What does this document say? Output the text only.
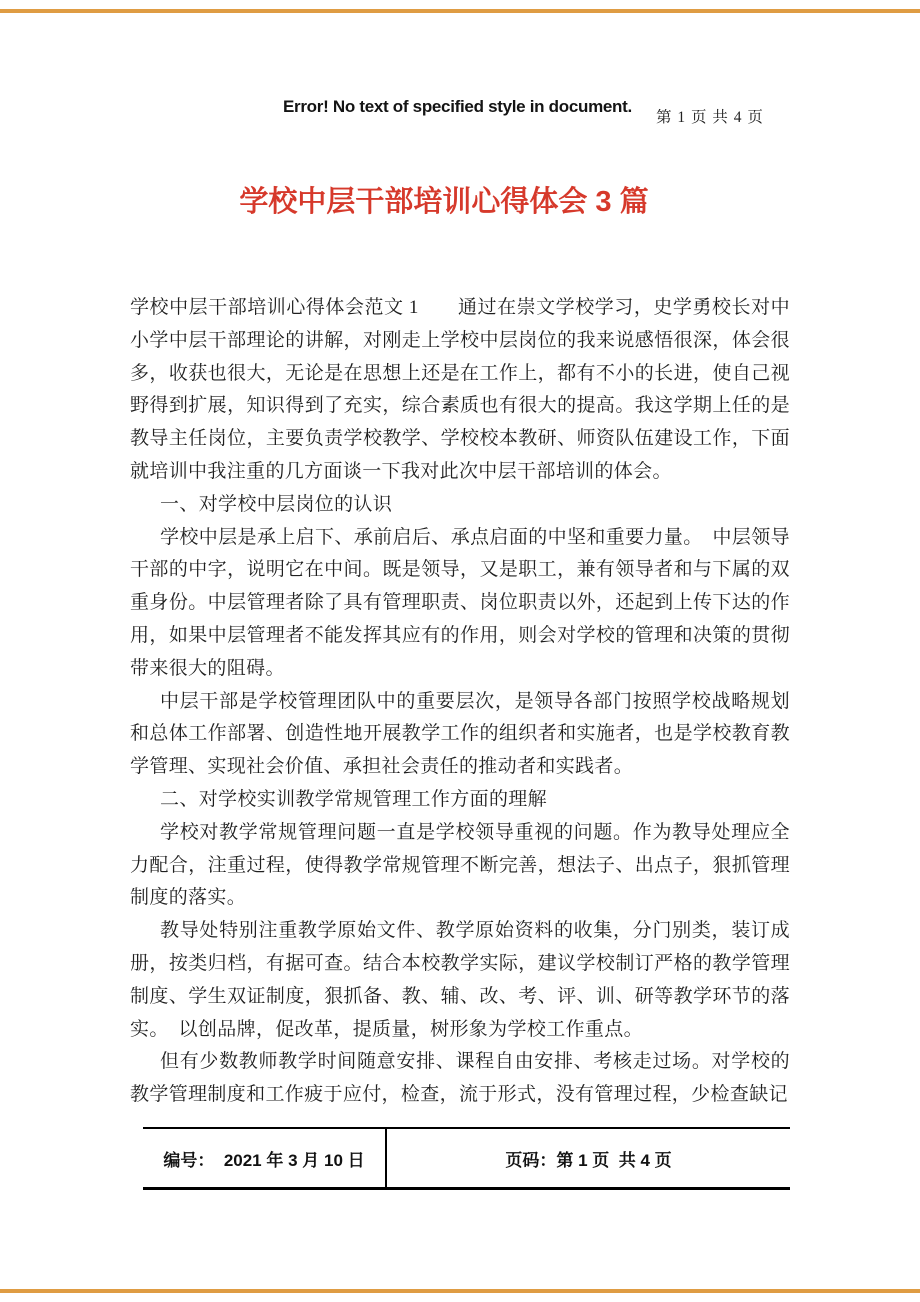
Error! No text of specified style in document.
第 1 页 共 4 页
学校中层干部培训心得体会 3 篇

学校中层干部培训心得体会范文 1　　通过在崇文学校学习，史学勇校长对中小学中层干部理论的讲解，对刚走上学校中层岗位的我来说感悟很深，体会很多，收获也很大，无论是在思想上还是在工作上，都有不小的长进，使自己视野得到扩展，知识得到了充实，综合素质也有很大的提高。我这学期上任的是教导主任岗位，主要负责学校教学、学校校本教研、师资队伍建设工作，下面就培训中我注重的几方面谈一下我对此次中层干部培训的体会。

一、对学校中层岗位的认识

学校中层是承上启下、承前启后、承点启面的中坚和重要力量。　中层领导干部的中字，说明它在中间。既是领导，又是职工，兼有领导者和与下属的双重身份。中层管理者除了具有管理职责、岗位职责以外，还起到上传下达的作用，如果中层管理者不能发挥其应有的作用，则会对学校的管理和决策的贯彻带来很大的阻碍。

中层干部是学校管理团队中的重要层次，是领导各部门按照学校战略规划和总体工作部署、创造性地开展教学工作的组织者和实施者，也是学校教育教学管理、实现社会价值、承担社会责任的推动者和实践者。

二、对学校实训教学常规管理工作方面的理解

学校对教学常规管理问题一直是学校领导重视的问题。作为教导处理应全力配合，注重过程，使得教学常规管理不断完善，想法子、出点子，狠抓管理制度的落实。

教导处特别注重教学原始文件、教学原始资料的收集，分门别类，装订成册，按类归档，有据可查。结合本校教学实际，建议学校制订严格的教学管理制度、学生双证制度，狠抓备、教、辅、改、考、评、训、研等教学环节的落实。　以创品牌，促改革，提质量，树形象为学校工作重点。

但有少数教师教学时间随意安排、课程自由安排、考核走过场。对学校的教学管理制度和工作疲于应付，检查，流于形式，没有管理过程，少检查缺记

编号：  2021 年 3 月 10 日	页码：第 1 页  共 4 页
